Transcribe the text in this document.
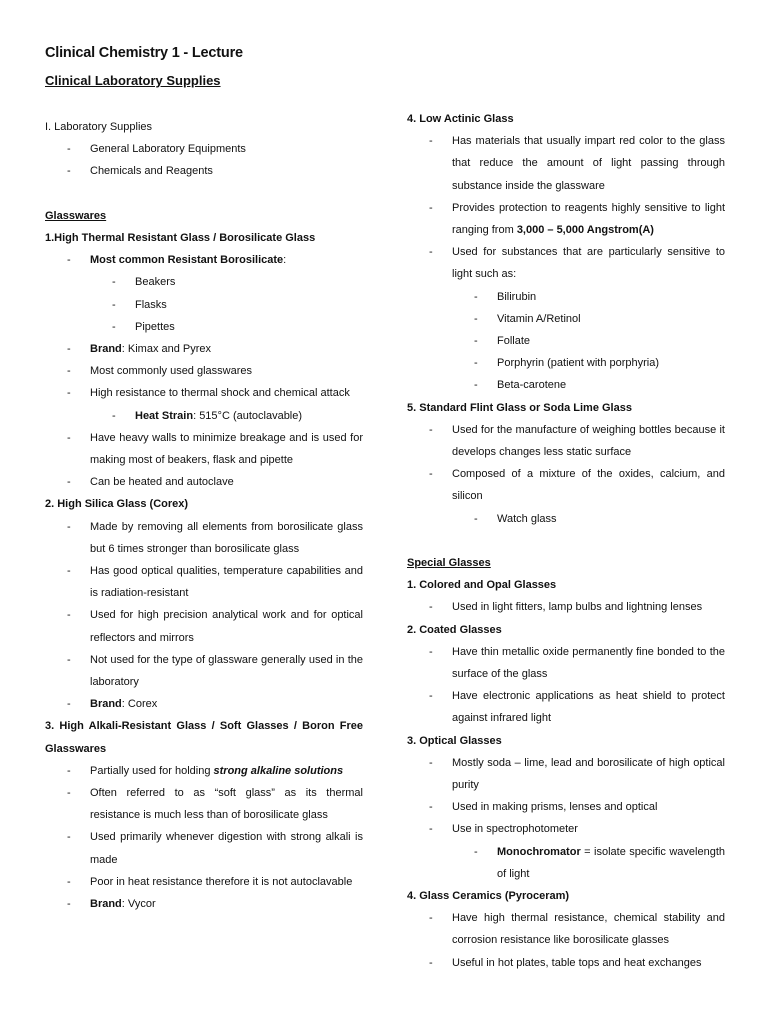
Clinical Chemistry 1 - Lecture
Clinical Laboratory Supplies
I. Laboratory Supplies
- General Laboratory Equipments
- Chemicals and Reagents
Glasswares
1.High Thermal Resistant Glass / Borosilicate Glass
- Most common Resistant Borosilicate:
- Beakers
- Flasks
- Pipettes
- Brand: Kimax and Pyrex
- Most commonly used glasswares
- High resistance to thermal shock and chemical attack
- Heat Strain: 515°C (autoclavable)
- Have heavy walls to minimize breakage and is used for making most of beakers, flask and pipette
- Can be heated and autoclave
2. High Silica Glass (Corex)
- Made by removing all elements from borosilicate glass but 6 times stronger than borosilicate glass
- Has good optical qualities, temperature capabilities and is radiation-resistant
- Used for high precision analytical work and for optical reflectors and mirrors
- Not used for the type of glassware generally used in the laboratory
- Brand: Corex
3. High Alkali-Resistant Glass / Soft Glasses / Boron Free Glasswares
- Partially used for holding strong alkaline solutions
- Often referred to as “soft glass” as its thermal resistance is much less than of borosilicate glass
- Used primarily whenever digestion with strong alkali is made
- Poor in heat resistance therefore it is not autoclavable
- Brand: Vycor
4. Low Actinic Glass
- Has materials that usually impart red color to the glass that reduce the amount of light passing through substance inside the glassware
- Provides protection to reagents highly sensitive to light ranging from 3,000 – 5,000 Angstrom(A)
- Used for substances that are particularly sensitive to light such as:
- Bilirubin
- Vitamin A/Retinol
- Follate
- Porphyrin (patient with porphyria)
- Beta-carotene
5. Standard Flint Glass or Soda Lime Glass
- Used for the manufacture of weighing bottles because it develops changes less static surface
- Composed of a mixture of the oxides, calcium, and silicon
- Watch glass
Special Glasses
1. Colored and Opal Glasses
- Used in light fitters, lamp bulbs and lightning lenses
2. Coated Glasses
- Have thin metallic oxide permanently fine bonded to the surface of the glass
- Have electronic applications as heat shield to protect against infrared light
3. Optical Glasses
- Mostly soda – lime, lead and borosilicate of high optical purity
- Used in making prisms, lenses and optical
- Use in spectrophotometer
- Monochromator = isolate specific wavelength of light
4. Glass Ceramics (Pyroceram)
- Have high thermal resistance, chemical stability and corrosion resistance like borosilicate glasses
- Useful in hot plates, table tops and heat exchanges
